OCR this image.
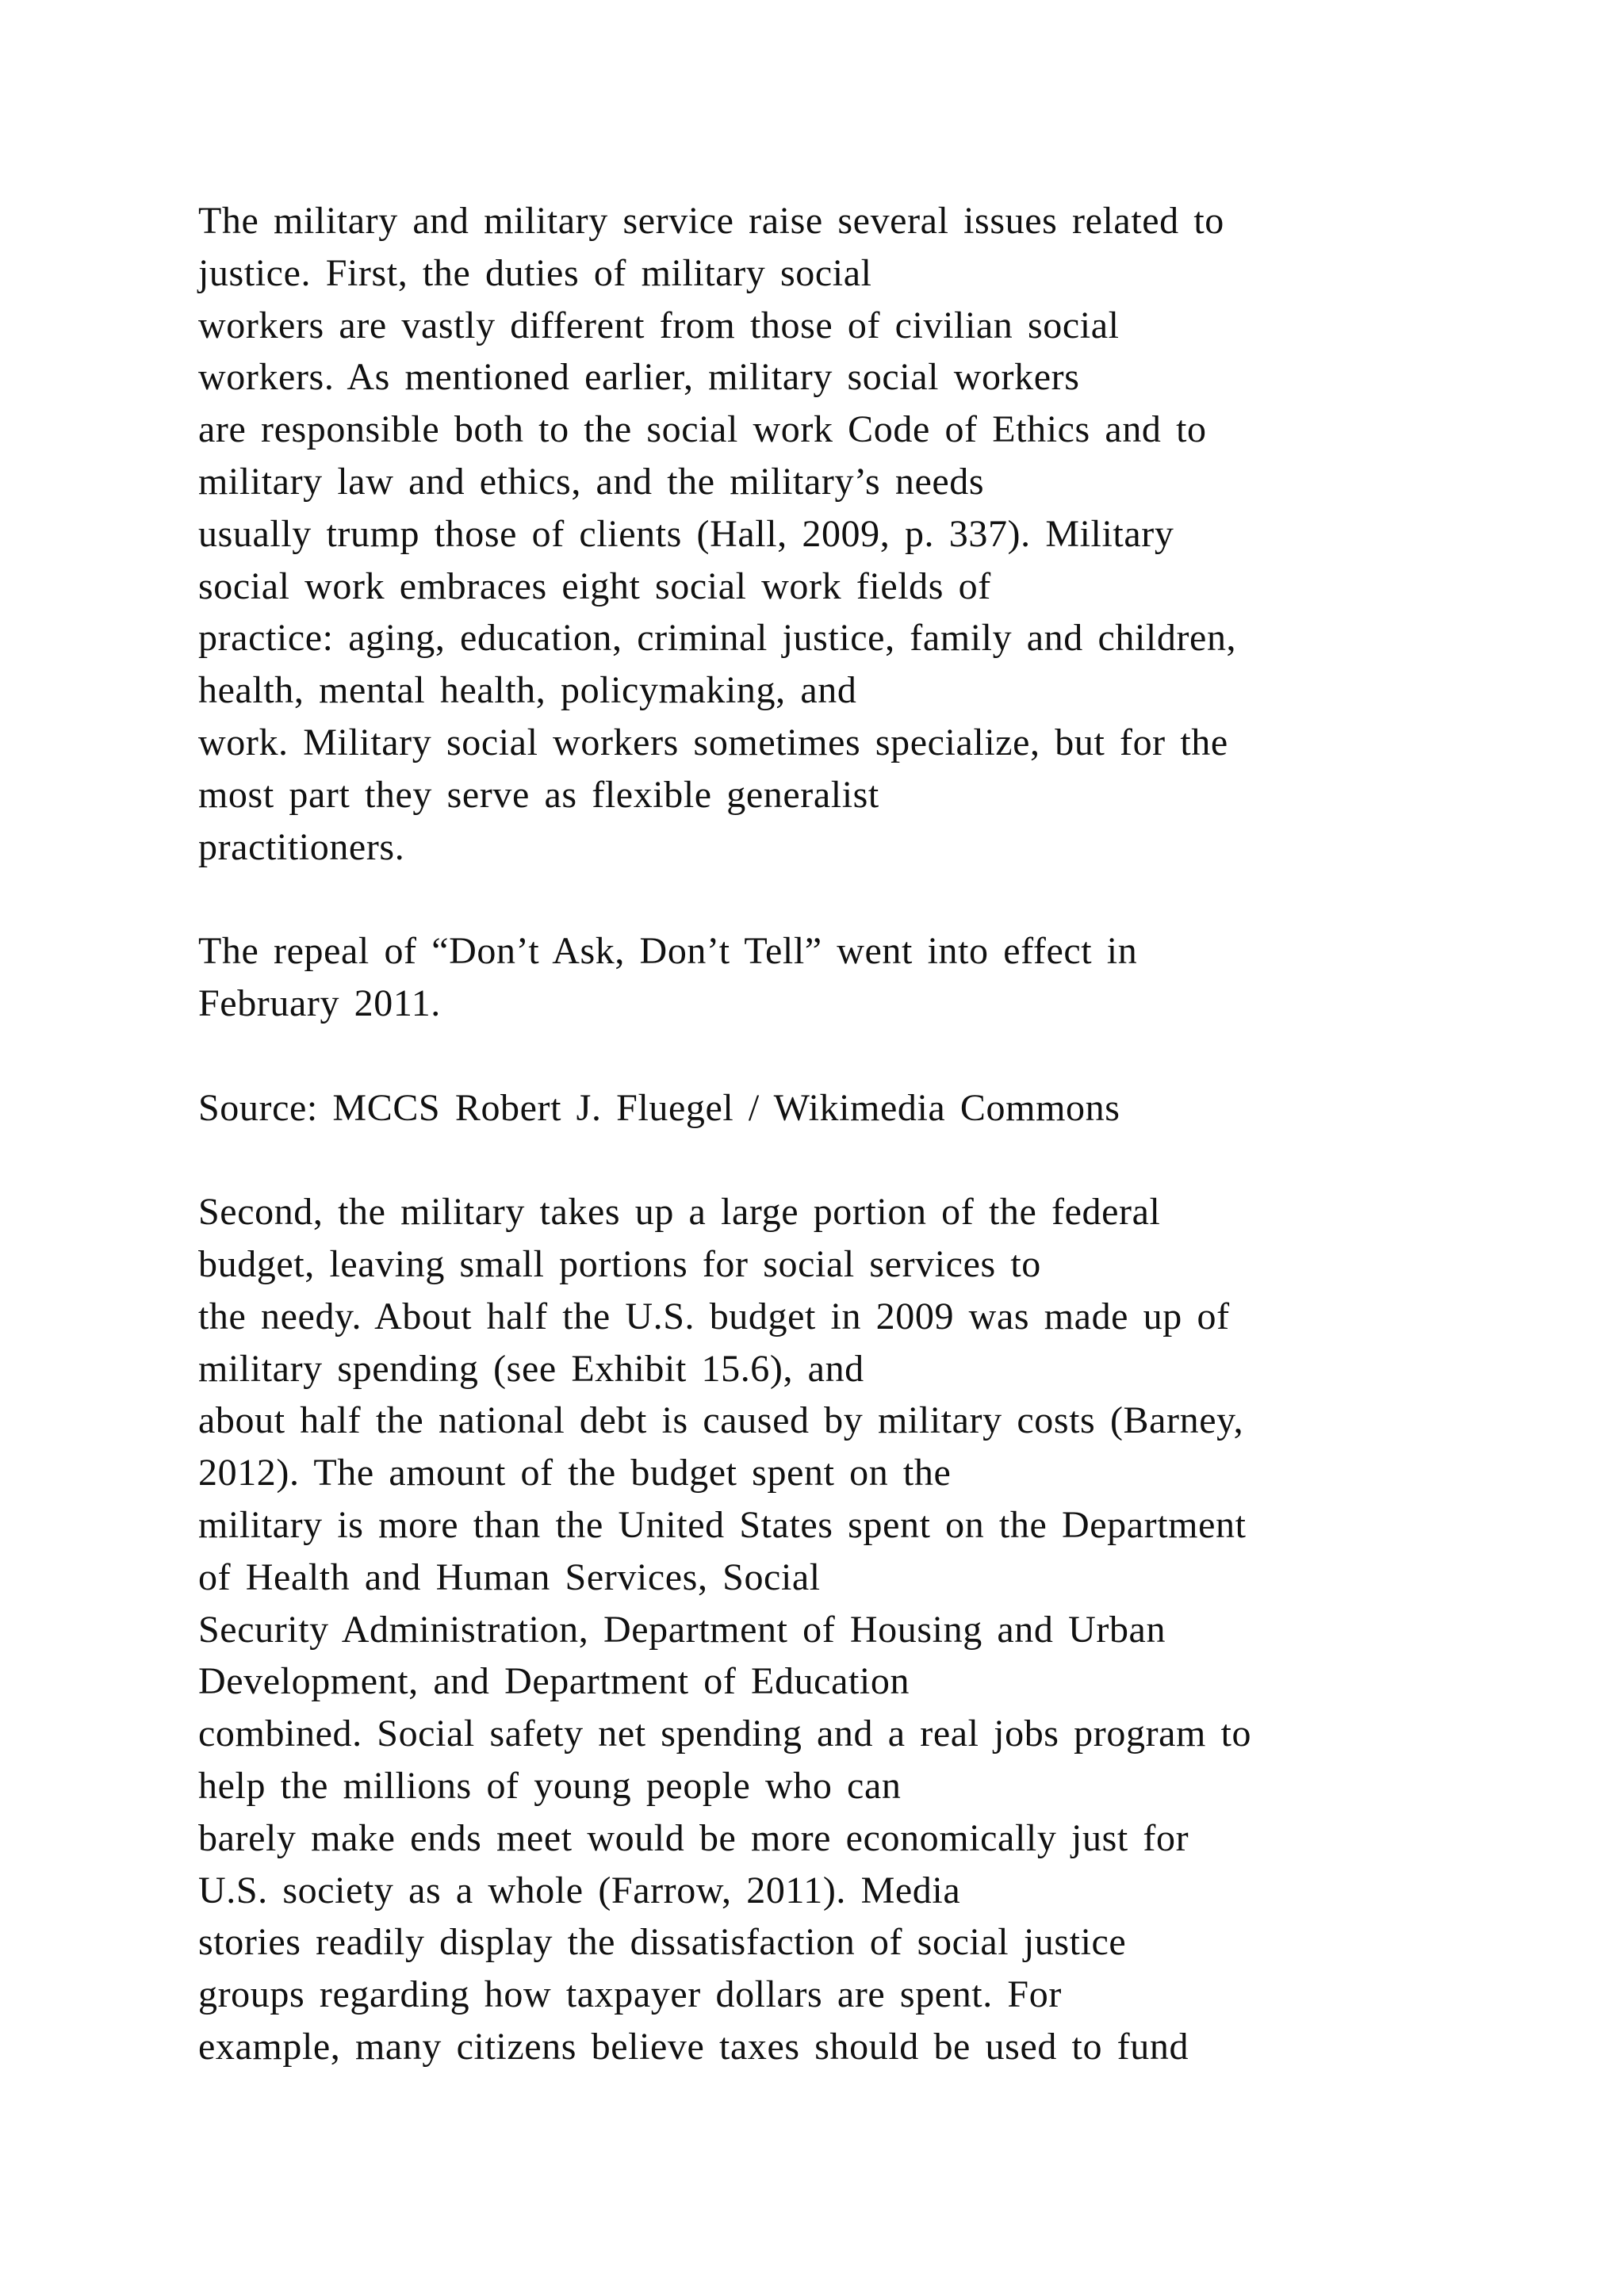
The military and military service raise several issues related to
justice. First, the duties of military social
workers are vastly different from those of civilian social
workers. As mentioned earlier, military social workers
are responsible both to the social work Code of Ethics and to
military law and ethics, and the military’s needs
usually trump those of clients (Hall, 2009, p. 337). Military
social work embraces eight social work fields of
practice: aging, education, criminal justice, family and children,
health, mental health, policymaking, and
work. Military social workers sometimes specialize, but for the
most part they serve as flexible generalist
practitioners.
The repeal of “Don’t Ask, Don’t Tell” went into effect in
February 2011.
Source: MCCS Robert J. Fluegel / Wikimedia Commons
Second, the military takes up a large portion of the federal
budget, leaving small portions for social services to
the needy. About half the U.S. budget in 2009 was made up of
military spending (see Exhibit 15.6), and
about half the national debt is caused by military costs (Barney,
2012). The amount of the budget spent on the
military is more than the United States spent on the Department
of Health and Human Services, Social
Security Administration, Department of Housing and Urban
Development, and Department of Education
combined. Social safety net spending and a real jobs program to
help the millions of young people who can
barely make ends meet would be more economically just for
U.S. society as a whole (Farrow, 2011). Media
stories readily display the dissatisfaction of social justice
groups regarding how taxpayer dollars are spent. For
example, many citizens believe taxes should be used to fund
